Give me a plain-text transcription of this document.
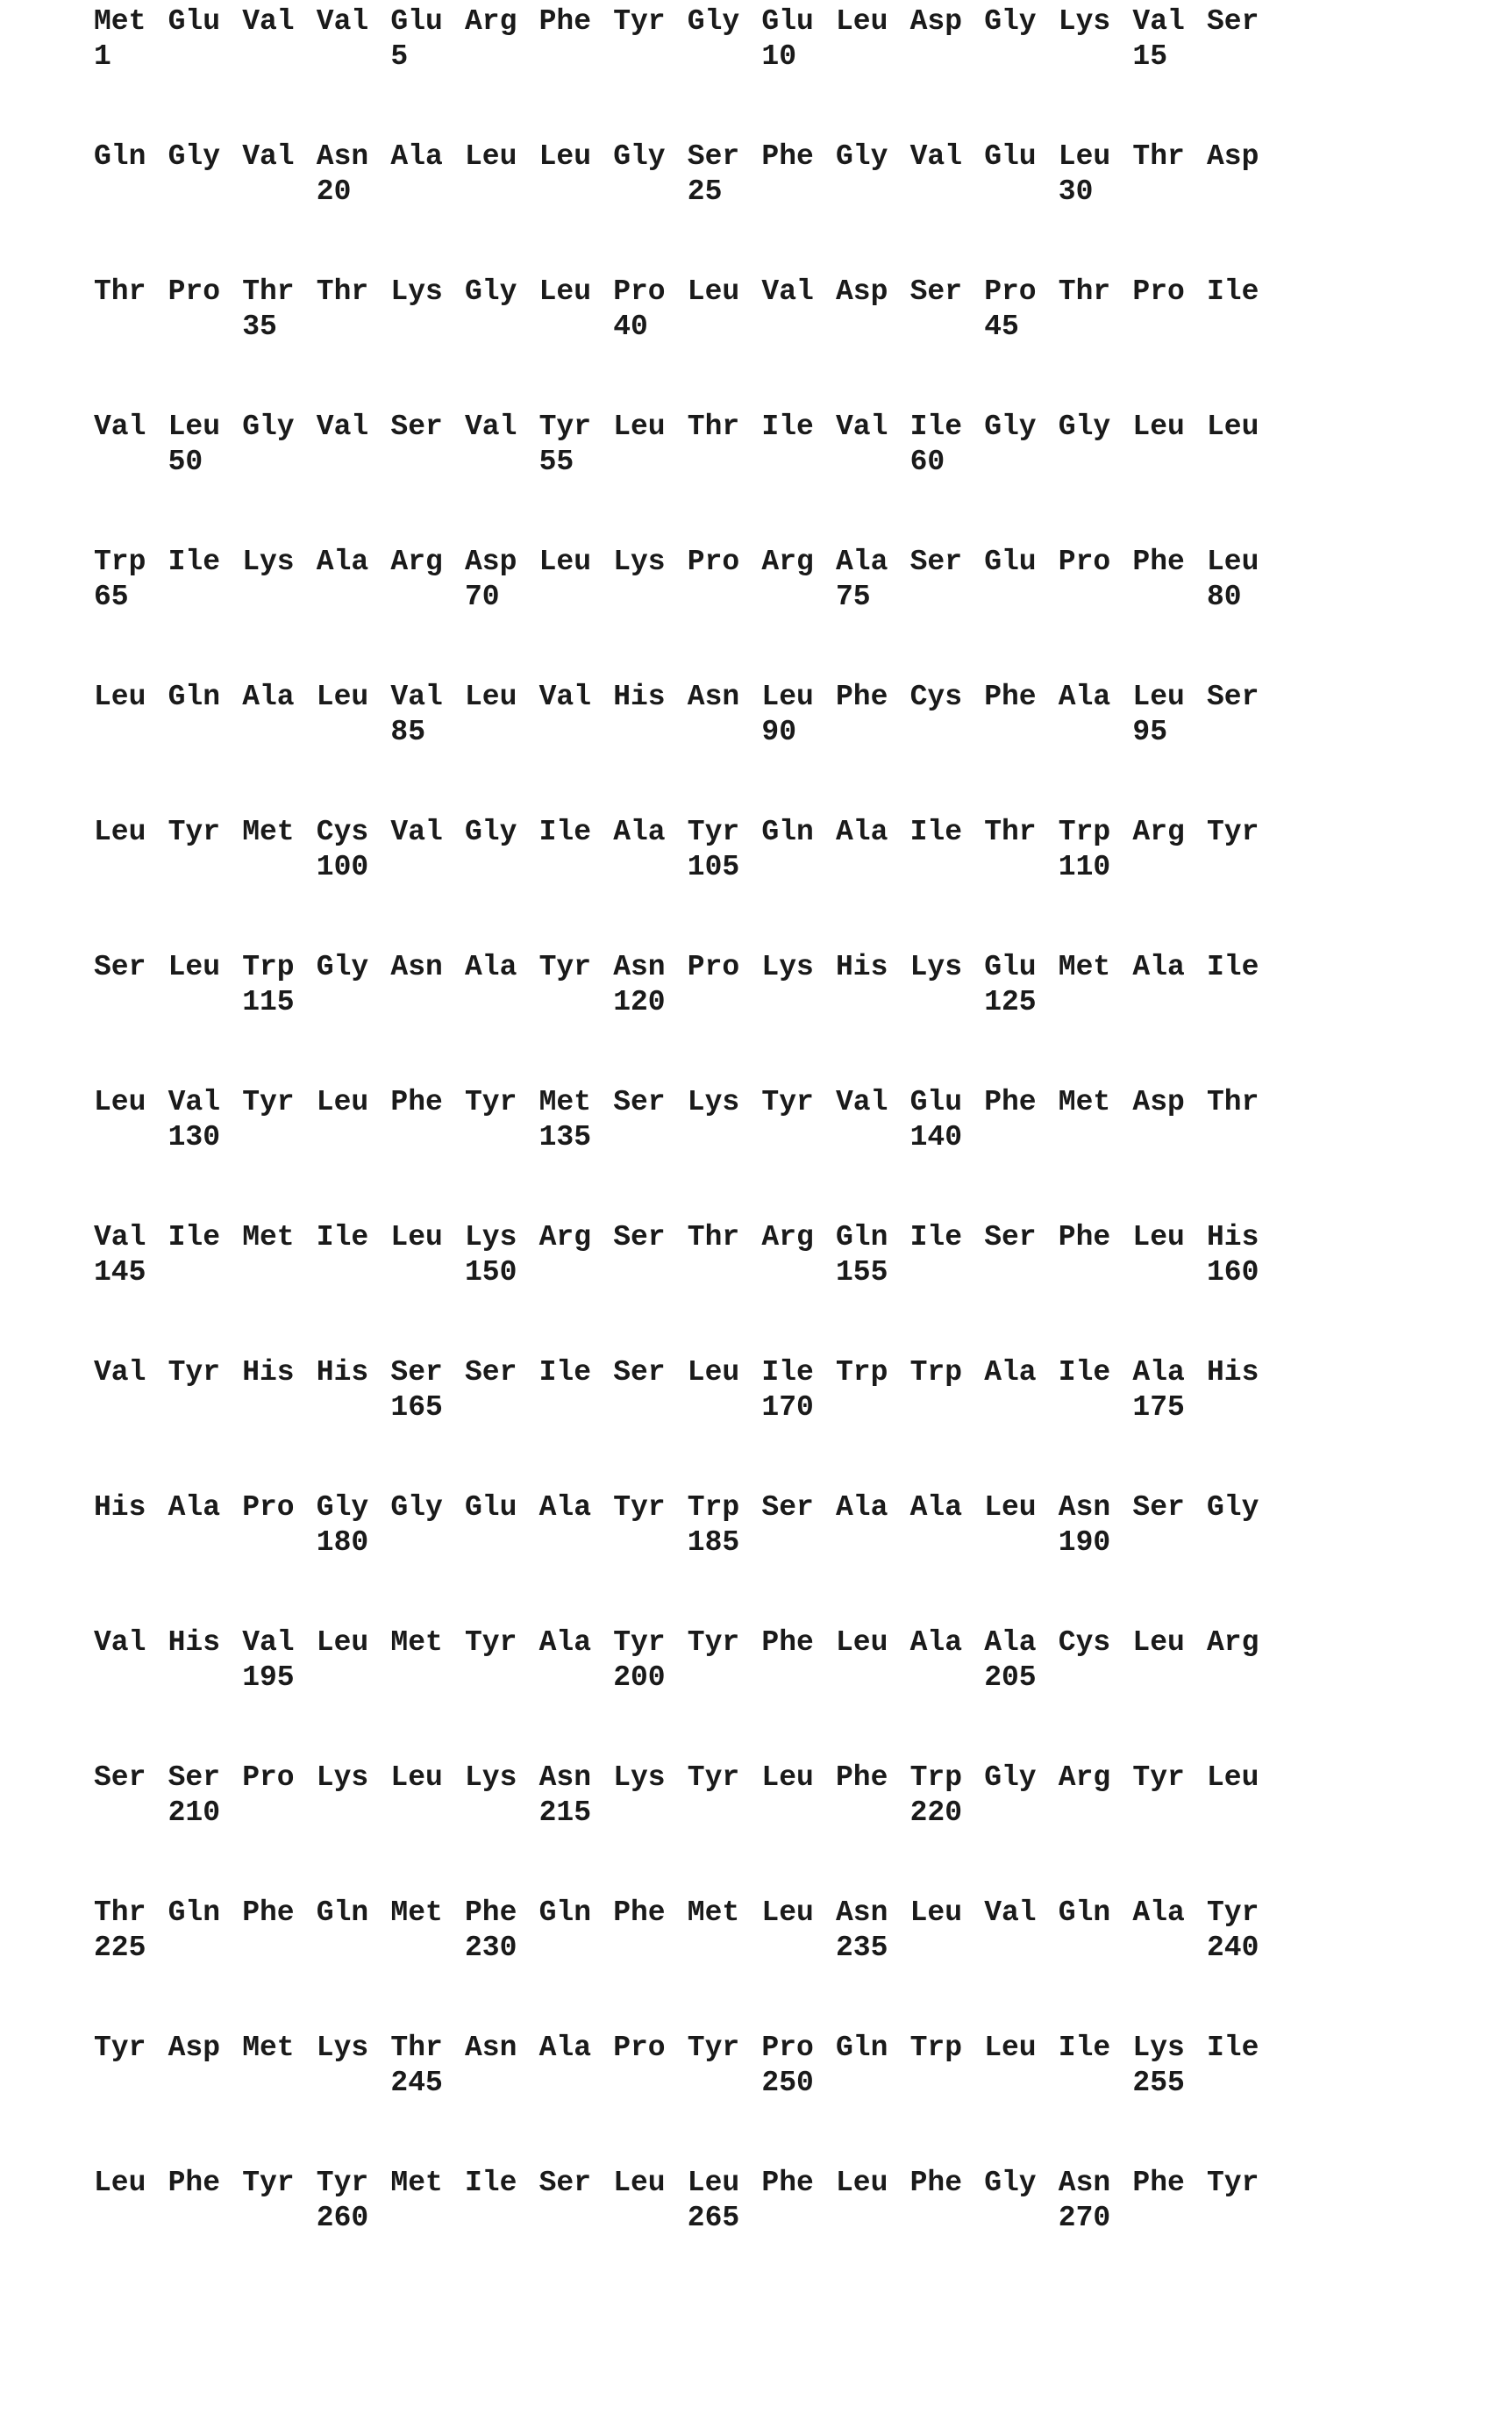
Met Glu Val Val Glu Arg Phe Tyr Gly Glu Leu Asp Gly Lys Val Ser
1	5	10	15
Gln Gly Val Asn Ala Leu Leu Gly Ser Phe Gly Val Glu Leu Thr Asp
20	25	30
Thr Pro Thr Thr Lys Gly Leu Pro Leu Val Asp Ser Pro Thr Pro Ile
35	40	45
Val Leu Gly Val Ser Val Tyr Leu Thr Ile Val Ile Gly Gly Leu Leu
50	55	60
Trp Ile Lys Ala Arg Asp Leu Lys Pro Arg Ala Ser Glu Pro Phe Leu
65	70	75	80
Leu Gln Ala Leu Val Leu Val His Asn Leu Phe Cys Phe Ala Leu Ser
85	90	95
Leu Tyr Met Cys Val Gly Ile Ala Tyr Gln Ala Ile Thr Trp Arg Tyr
100	105	110
Ser Leu Trp Gly Asn Ala Tyr Asn Pro Lys His Lys Glu Met Ala Ile
115	120	125
Leu Val Tyr Leu Phe Tyr Met Ser Lys Tyr Val Glu Phe Met Asp Thr
130	135	140
Val Ile Met Ile Leu Lys Arg Ser Thr Arg Gln Ile Ser Phe Leu His
145	150	155	160
Val Tyr His His Ser Ser Ile Ser Leu Ile Trp Trp Ala Ile Ala His
165	170	175
His Ala Pro Gly Gly Glu Ala Tyr Trp Ser Ala Ala Leu Asn Ser Gly
180	185	190
Val His Val Leu Met Tyr Ala Tyr Tyr Phe Leu Ala Ala Cys Leu Arg
195	200	205
Ser Ser Pro Lys Leu Lys Asn Lys Tyr Leu Phe Trp Gly Arg Tyr Leu
210	215	220
Thr Gln Phe Gln Met Phe Gln Phe Met Leu Asn Leu Val Gln Ala Tyr
225	230	235	240
Tyr Asp Met Lys Thr Asn Ala Pro Tyr Pro Gln Trp Leu Ile Lys Ile
245	250	255
Leu Phe Tyr Tyr Met Ile Ser Leu Leu Phe Leu Phe Gly Asn Phe Tyr
260	265	270
